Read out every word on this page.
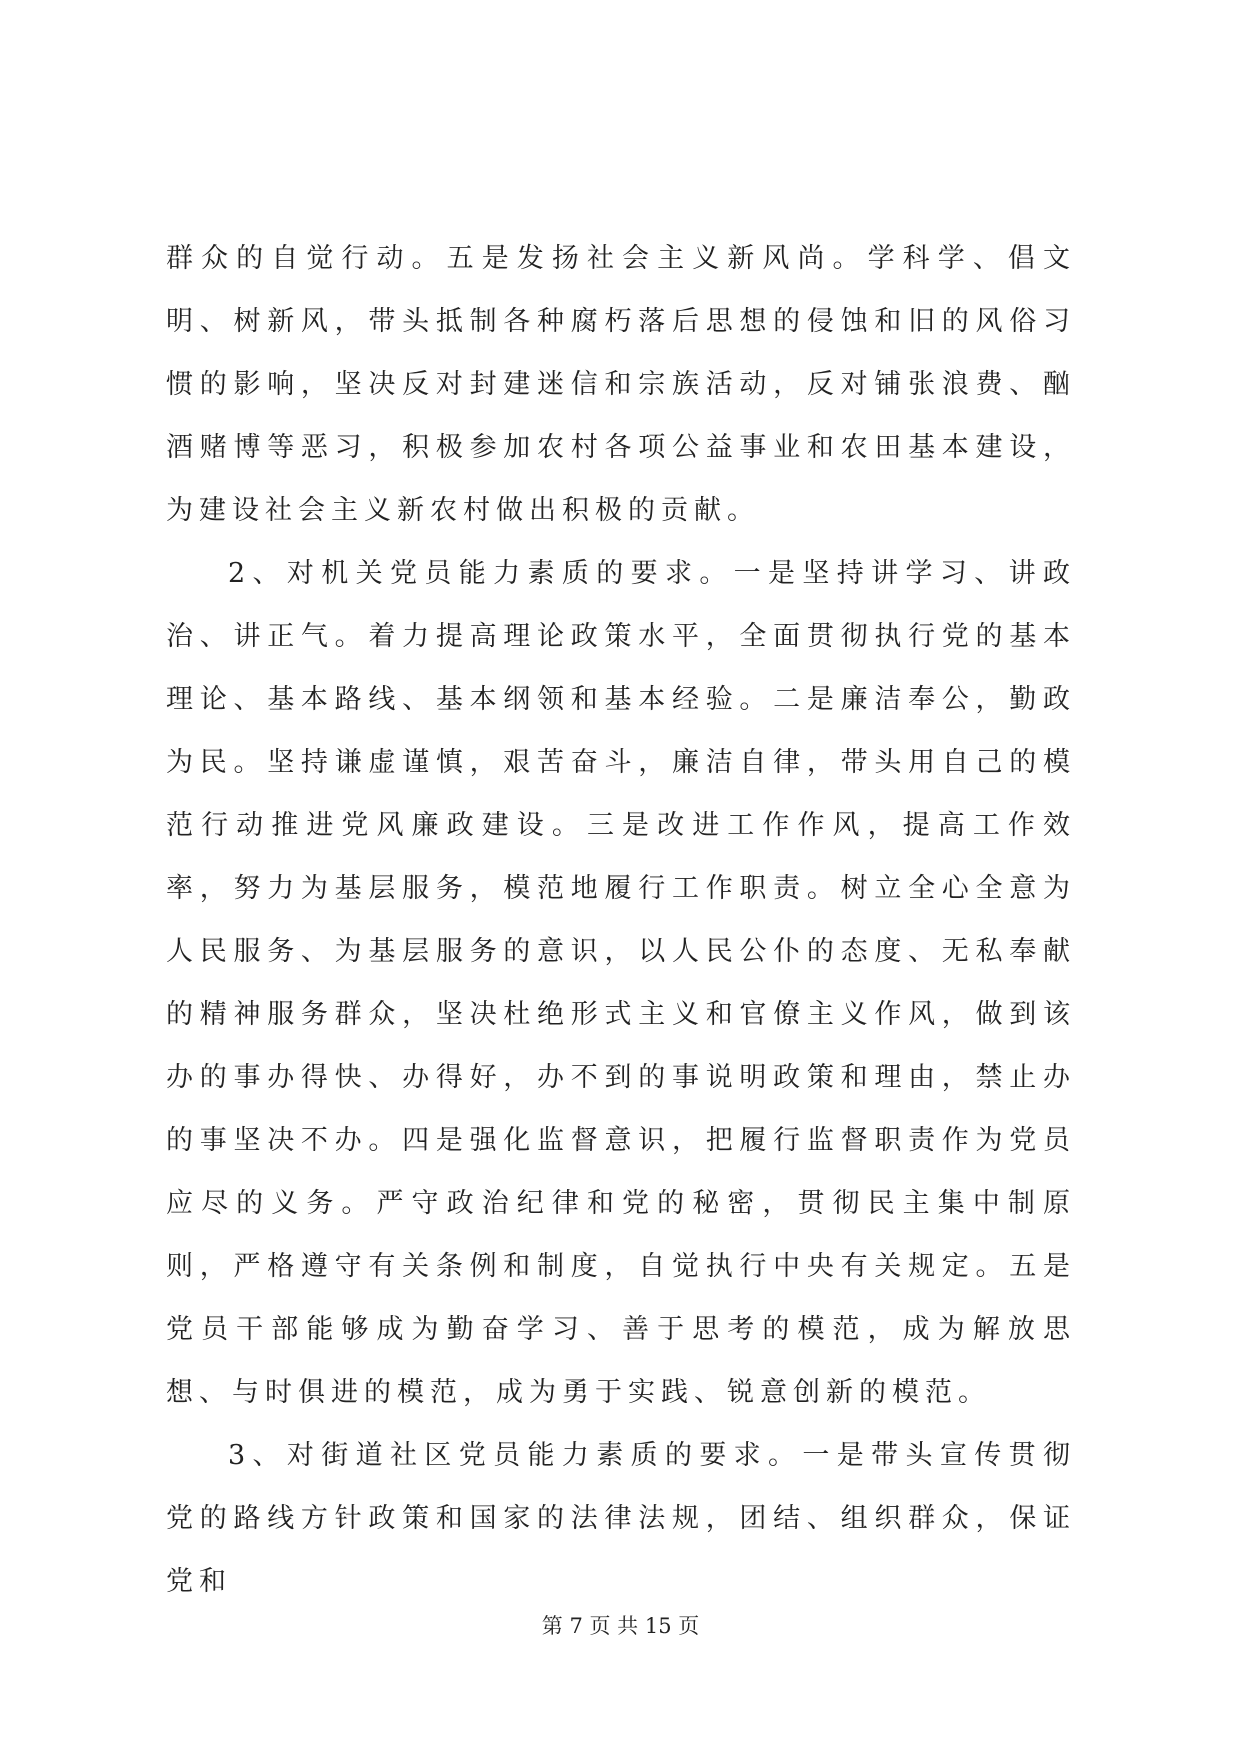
群众的自觉行动。五是发扬社会主义新风尚。学科学、倡文明、树新风，带头抵制各种腐朽落后思想的侵蚀和旧的风俗习惯的影响，坚决反对封建迷信和宗族活动，反对铺张浪费、酗酒赌博等恶习，积极参加农村各项公益事业和农田基本建设，为建设社会主义新农村做出积极的贡献。

2、对机关党员能力素质的要求。一是坚持讲学习、讲政治、讲正气。着力提高理论政策水平，全面贯彻执行党的基本理论、基本路线、基本纲领和基本经验。二是廉洁奉公，勤政为民。坚持谦虚谨慎，艰苦奋斗，廉洁自律，带头用自己的模范行动推进党风廉政建设。三是改进工作作风，提高工作效率，努力为基层服务，模范地履行工作职责。树立全心全意为人民服务、为基层服务的意识，以人民公仆的态度、无私奉献的精神服务群众，坚决杜绝形式主义和官僚主义作风，做到该办的事办得快、办得好，办不到的事说明政策和理由，禁止办的事坚决不办。四是强化监督意识，把履行监督职责作为党员应尽的义务。严守政治纪律和党的秘密，贯彻民主集中制原则，严格遵守有关条例和制度，自觉执行中央有关规定。五是党员干部能够成为勤奋学习、善于思考的模范，成为解放思想、与时俱进的模范，成为勇于实践、锐意创新的模范。

3、对街道社区党员能力素质的要求。一是带头宣传贯彻党的路线方针政策和国家的法律法规，团结、组织群众，保证党和

第 7 页 共 15 页
